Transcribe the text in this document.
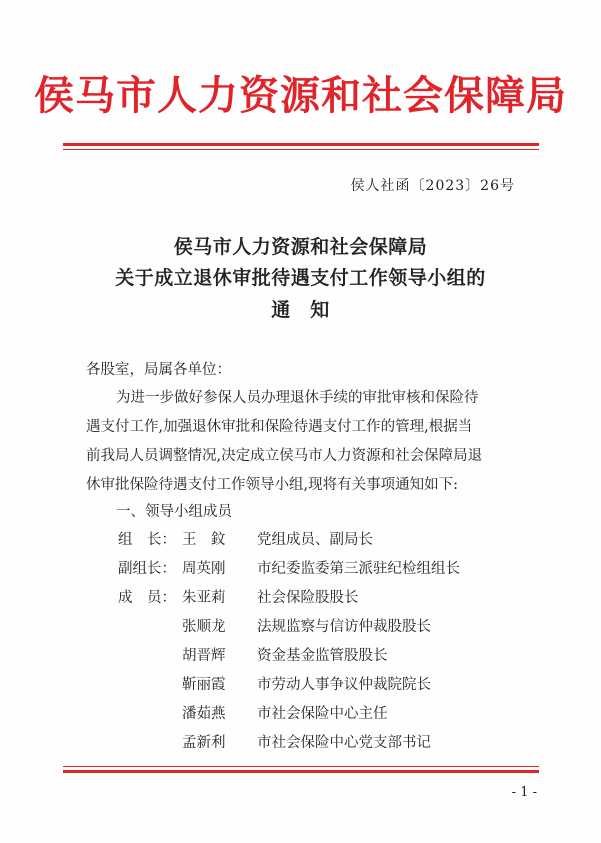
侯马市人力资源和社会保障局
侯人社函〔2023〕26号
侯马市人力资源和社会保障局
关于成立退休审批待遇支付工作领导小组的
通　知
各股室，局属各单位：
为进一步做好参保人员办理退休手续的审批审核和保险待
遇支付工作,加强退休审批和保险待遇支付工作的管理,根据当
前我局人员调整情况,决定成立侯马市人力资源和社会保障局退
休审批保险待遇支付工作领导小组,现将有关事项通知如下:
一、领导小组成员
组　长： 王　鈫 党组成员、副局长
副组长： 周英刚 市纪委监委第三派驻纪检组组长
成　员： 朱亚莉 社会保险股股长
张顺龙 法规监察与信访仲裁股股长
胡晋辉 资金基金监管股股长
靳丽霞 市劳动人事争议仲裁院院长
潘茹燕 市社会保险中心主任
孟新利 市社会保险中心党支部书记
- 1 -
